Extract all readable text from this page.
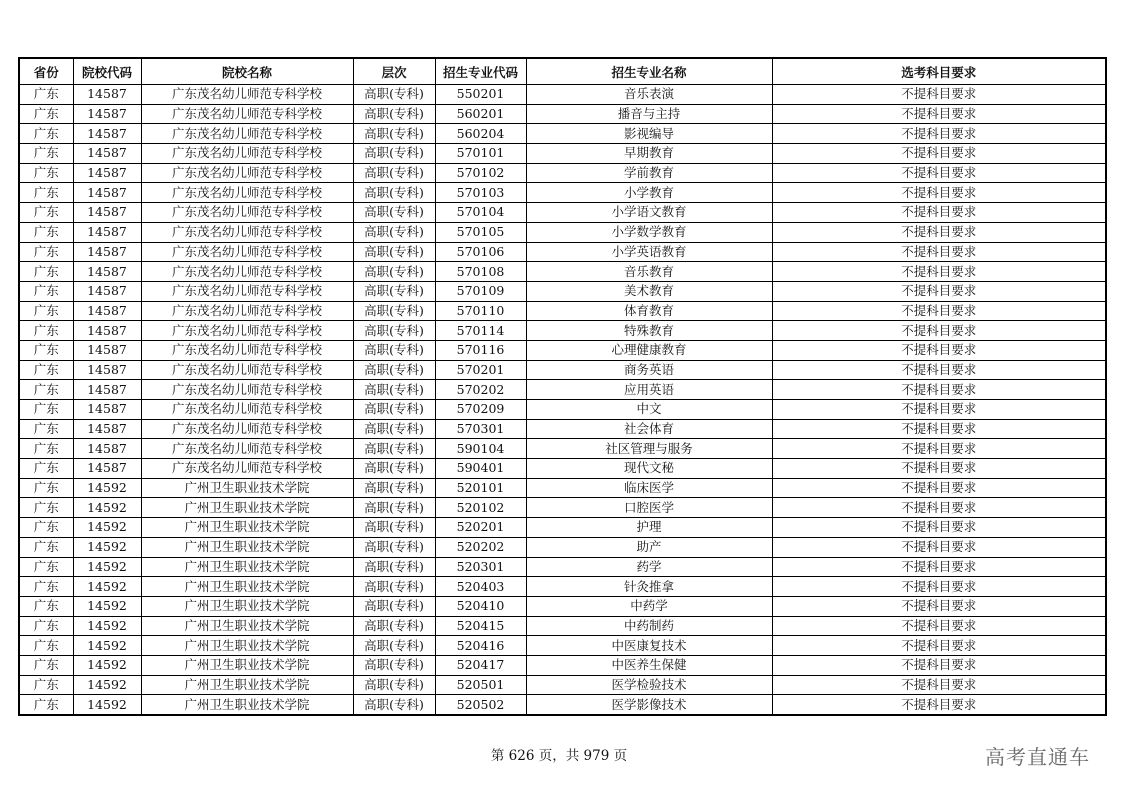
省份	院校代码	院校名称	层次	招生专业代码	招生专业名称	选考科目要求
广东	14587	广东茂名幼儿师范专科学校	高职(专科)	550201	音乐表演	不提科目要求
广东	14587	广东茂名幼儿师范专科学校	高职(专科)	560201	播音与主持	不提科目要求
广东	14587	广东茂名幼儿师范专科学校	高职(专科)	560204	影视编导	不提科目要求
广东	14587	广东茂名幼儿师范专科学校	高职(专科)	570101	早期教育	不提科目要求
广东	14587	广东茂名幼儿师范专科学校	高职(专科)	570102	学前教育	不提科目要求
广东	14587	广东茂名幼儿师范专科学校	高职(专科)	570103	小学教育	不提科目要求
广东	14587	广东茂名幼儿师范专科学校	高职(专科)	570104	小学语文教育	不提科目要求
广东	14587	广东茂名幼儿师范专科学校	高职(专科)	570105	小学数学教育	不提科目要求
广东	14587	广东茂名幼儿师范专科学校	高职(专科)	570106	小学英语教育	不提科目要求
广东	14587	广东茂名幼儿师范专科学校	高职(专科)	570108	音乐教育	不提科目要求
广东	14587	广东茂名幼儿师范专科学校	高职(专科)	570109	美术教育	不提科目要求
广东	14587	广东茂名幼儿师范专科学校	高职(专科)	570110	体育教育	不提科目要求
广东	14587	广东茂名幼儿师范专科学校	高职(专科)	570114	特殊教育	不提科目要求
广东	14587	广东茂名幼儿师范专科学校	高职(专科)	570116	心理健康教育	不提科目要求
广东	14587	广东茂名幼儿师范专科学校	高职(专科)	570201	商务英语	不提科目要求
广东	14587	广东茂名幼儿师范专科学校	高职(专科)	570202	应用英语	不提科目要求
广东	14587	广东茂名幼儿师范专科学校	高职(专科)	570209	中文	不提科目要求
广东	14587	广东茂名幼儿师范专科学校	高职(专科)	570301	社会体育	不提科目要求
广东	14587	广东茂名幼儿师范专科学校	高职(专科)	590104	社区管理与服务	不提科目要求
广东	14587	广东茂名幼儿师范专科学校	高职(专科)	590401	现代文秘	不提科目要求
广东	14592	广州卫生职业技术学院	高职(专科)	520101	临床医学	不提科目要求
广东	14592	广州卫生职业技术学院	高职(专科)	520102	口腔医学	不提科目要求
广东	14592	广州卫生职业技术学院	高职(专科)	520201	护理	不提科目要求
广东	14592	广州卫生职业技术学院	高职(专科)	520202	助产	不提科目要求
广东	14592	广州卫生职业技术学院	高职(专科)	520301	药学	不提科目要求
广东	14592	广州卫生职业技术学院	高职(专科)	520403	针灸推拿	不提科目要求
广东	14592	广州卫生职业技术学院	高职(专科)	520410	中药学	不提科目要求
广东	14592	广州卫生职业技术学院	高职(专科)	520415	中药制药	不提科目要求
广东	14592	广州卫生职业技术学院	高职(专科)	520416	中医康复技术	不提科目要求
广东	14592	广州卫生职业技术学院	高职(专科)	520417	中医养生保健	不提科目要求
广东	14592	广州卫生职业技术学院	高职(专科)	520501	医学检验技术	不提科目要求
广东	14592	广州卫生职业技术学院	高职(专科)	520502	医学影像技术	不提科目要求
第 626 页，共 979 页	高考直通车
